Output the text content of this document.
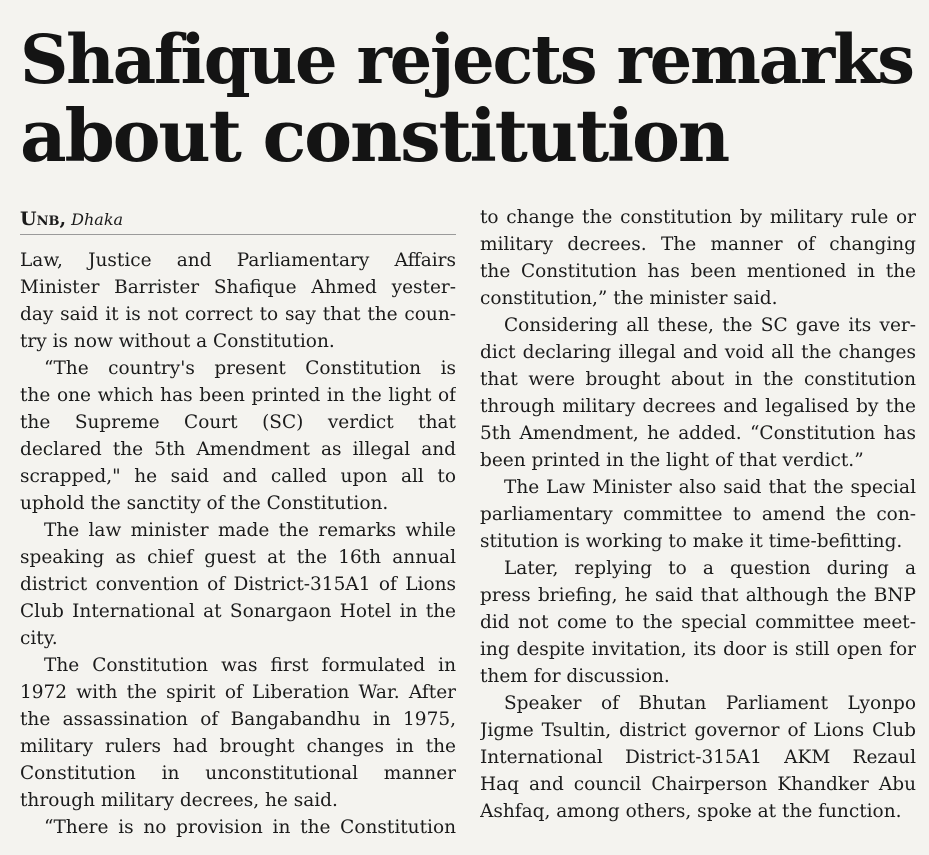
Shafique rejects remarks
about constitution
Unb, Dhaka
Law, Justice and Parliamentary Affairs
Minister Barrister Shafique Ahmed yester-
day said it is not correct to say that the coun-
try is now without a Constitution.
“The country's present Constitution is
the one which has been printed in the light of
the Supreme Court (SC) verdict that
declared the 5th Amendment as illegal and
scrapped," he said and called upon all to
uphold the sanctity of the Constitution.
The law minister made the remarks while
speaking as chief guest at the 16th annual
district convention of District-315A1 of Lions
Club International at Sonargaon Hotel in the
city.
The Constitution was first formulated in
1972 with the spirit of Liberation War. After
the assassination of Bangabandhu in 1975,
military rulers had brought changes in the
Constitution in unconstitutional manner
through military decrees, he said.
“There is no provision in the Constitution
to change the constitution by military rule or
military decrees. The manner of changing
the Constitution has been mentioned in the
constitution,” the minister said.
Considering all these, the SC gave its ver-
dict declaring illegal and void all the changes
that were brought about in the constitution
through military decrees and legalised by the
5th Amendment, he added. “Constitution has
been printed in the light of that verdict.”
The Law Minister also said that the special
parliamentary committee to amend the con-
stitution is working to make it time-befitting.
Later, replying to a question during a
press briefing, he said that although the BNP
did not come to the special committee meet-
ing despite invitation, its door is still open for
them for discussion.
Speaker of Bhutan Parliament Lyonpo
Jigme Tsultin, district governor of Lions Club
International District-315A1 AKM Rezaul
Haq and council Chairperson Khandker Abu
Ashfaq, among others, spoke at the function.
